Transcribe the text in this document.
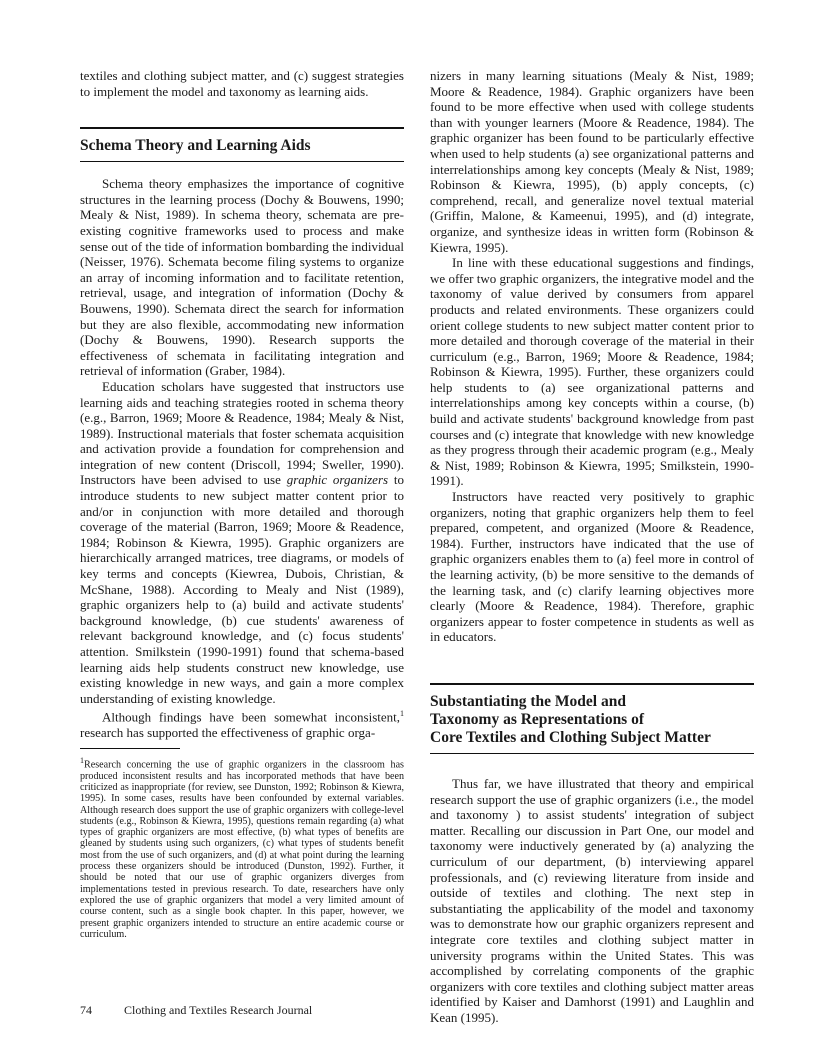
textiles and clothing subject matter, and (c) suggest strategies to implement the model and taxonomy as learning aids.

Schema Theory and Learning Aids

Schema theory emphasizes the importance of cognitive structures in the learning process (Dochy & Bouwens, 1990; Mealy & Nist, 1989). In schema theory, schemata are pre-existing cognitive frameworks used to process and make sense out of the tide of information bombarding the individual (Neisser, 1976). Schemata become filing systems to organize an array of incoming information and to facilitate retention, retrieval, usage, and integration of information (Dochy & Bouwens, 1990). Schemata direct the search for information but they are also flexible, accommodating new information (Dochy & Bouwens, 1990). Research supports the effectiveness of schemata in facilitating integration and retrieval of information (Graber, 1984).

Education scholars have suggested that instructors use learning aids and teaching strategies rooted in schema theory (e.g., Barron, 1969; Moore & Readence, 1984; Mealy & Nist, 1989). Instructional materials that foster schemata acquisition and activation provide a foundation for comprehension and integration of new content (Driscoll, 1994; Sweller, 1990). Instructors have been advised to use graphic organizers to introduce students to new subject matter content prior to and/or in conjunction with more detailed and thorough coverage of the material (Barron, 1969; Moore & Readence, 1984; Robinson & Kiewra, 1995). Graphic organizers are hierarchically arranged matrices, tree diagrams, or models of key terms and concepts (Kiewrea, Dubois, Christian, & McShane, 1988). According to Mealy and Nist (1989), graphic organizers help to (a) build and activate students' background knowledge, (b) cue students' awareness of relevant background knowledge, and (c) focus students' attention. Smilkstein (1990-1991) found that schema-based learning aids help students construct new knowledge, use existing knowledge in new ways, and gain a more complex understanding of existing knowledge.

Although findings have been somewhat inconsistent,$^1$ research has supported the effectiveness of graphic orga-

$^1$Research concerning the use of graphic organizers in the classroom has produced inconsistent results and has incorporated methods that have been criticized as inappropriate (for review, see Dunston, 1992; Robinson & Kiewra, 1995). In some cases, results have been confounded by external variables. Although research does support the use of graphic organizers with college-level students (e.g., Robinson & Kiewra, 1995), questions remain regarding (a) what types of graphic organizers are most effective, (b) what types of benefits are gleaned by students using such organizers, (c) what types of students benefit most from the use of such organizers, and (d) at what point during the learning process these organizers should be introduced (Dunston, 1992). Further, it should be noted that our use of graphic organizers diverges from implementations tested in previous research. To date, researchers have only explored the use of graphic organizers that model a very limited amount of course content, such as a single book chapter. In this paper, however, we present graphic organizers intended to structure an entire academic course or curriculum.

nizers in many learning situations (Mealy & Nist, 1989; Moore & Readence, 1984). Graphic organizers have been found to be more effective when used with college students than with younger learners (Moore & Readence, 1984). The graphic organizer has been found to be particularly effective when used to help students (a) see organizational patterns and interrelationships among key concepts (Mealy & Nist, 1989; Robinson & Kiewra, 1995), (b) apply concepts, (c) comprehend, recall, and generalize novel textual material (Griffin, Malone, & Kameenui, 1995), and (d) integrate, organize, and synthesize ideas in written form (Robinson & Kiewra, 1995).

In line with these educational suggestions and findings, we offer two graphic organizers, the integrative model and the taxonomy of value derived by consumers from apparel products and related environments. These organizers could orient college students to new subject matter content prior to more detailed and thorough coverage of the material in their curriculum (e.g., Barron, 1969; Moore & Readence, 1984; Robinson & Kiewra, 1995). Further, these organizers could help students to (a) see organizational patterns and interrelationships among key concepts within a course, (b) build and activate students' background knowledge from past courses and (c) integrate that knowledge with new knowledge as they progress through their academic program (e.g., Mealy & Nist, 1989; Robinson & Kiewra, 1995; Smilkstein, 1990-1991).

Instructors have reacted very positively to graphic organizers, noting that graphic organizers help them to feel prepared, competent, and organized (Moore & Readence, 1984). Further, instructors have indicated that the use of graphic organizers enables them to (a) feel more in control of the learning activity, (b) be more sensitive to the demands of the learning task, and (c) clarify learning objectives more clearly (Moore & Readence, 1984). Therefore, graphic organizers appear to foster competence in students as well as in educators.

Substantiating the Model and
Taxonomy as Representations of
Core Textiles and Clothing Subject Matter

Thus far, we have illustrated that theory and empirical research support the use of graphic organizers (i.e., the model and taxonomy ) to assist students' integration of subject matter. Recalling our discussion in Part One, our model and taxonomy were inductively generated by (a) analyzing the curriculum of our department, (b) interviewing apparel professionals, and (c) reviewing literature from inside and outside of textiles and clothing. The next step in substantiating the applicability of the model and taxonomy was to demonstrate how our graphic organizers represent and integrate core textiles and clothing subject matter in university programs within the United States. This was accomplished by correlating components of the graphic organizers with core textiles and clothing subject matter areas identified by Kaiser and Damhorst (1991) and Laughlin and Kean (1995).

74	Clothing and Textiles Research Journal
